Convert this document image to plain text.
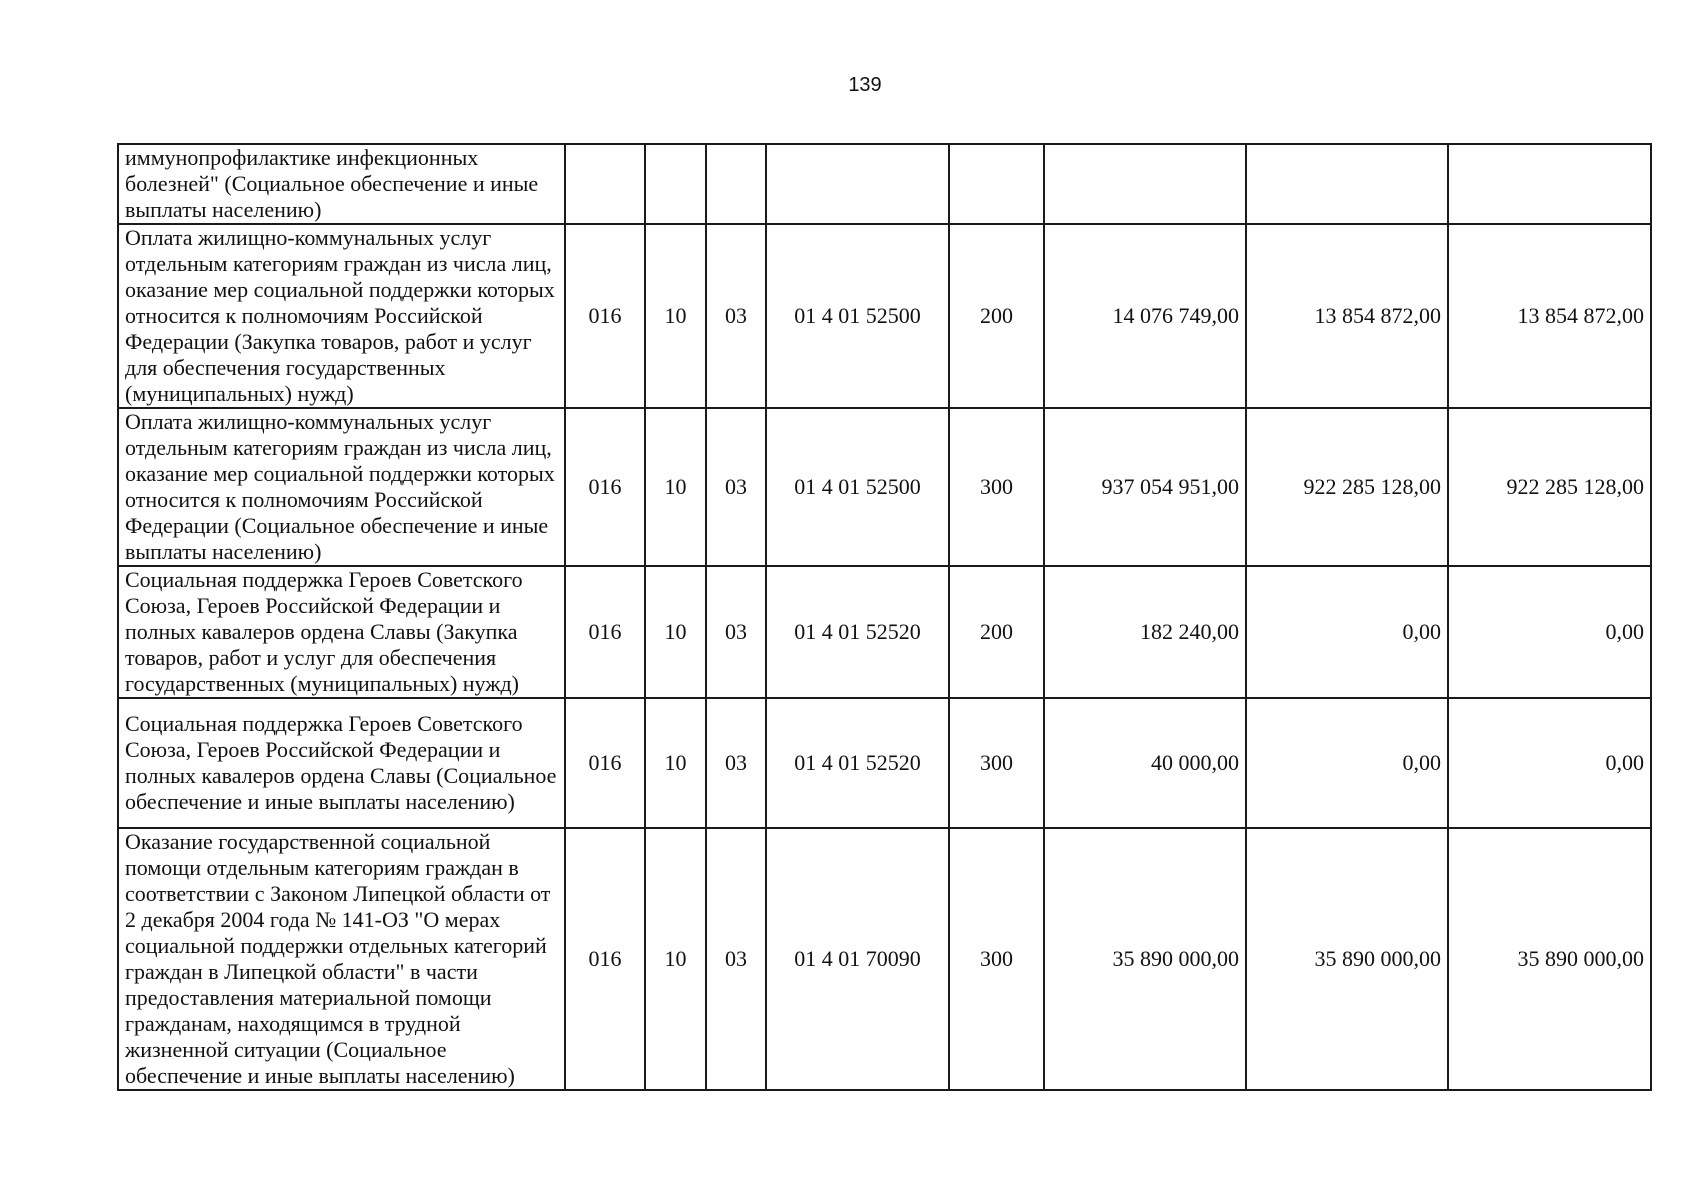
139
иммунопрофилактике инфекционных болезней" (Социальное обеспечение и иные выплаты населению)								
Оплата жилищно-коммунальных услуг отдельным категориям граждан из числа лиц, оказание мер социальной поддержки которых относится к полномочиям Российской Федерации (Закупка товаров, работ и услуг для обеспечения государственных (муниципальных) нужд)	016	10	03	01 4 01 52500	200	14 076 749,00	13 854 872,00	13 854 872,00
Оплата жилищно-коммунальных услуг отдельным категориям граждан из числа лиц, оказание мер социальной поддержки которых относится к полномочиям Российской Федерации (Социальное обеспечение и иные выплаты населению)	016	10	03	01 4 01 52500	300	937 054 951,00	922 285 128,00	922 285 128,00
Социальная поддержка Героев Советского Союза, Героев Российской Федерации и полных кавалеров ордена Славы (Закупка товаров, работ и услуг для обеспечения государственных (муниципальных) нужд)	016	10	03	01 4 01 52520	200	182 240,00	0,00	0,00
Социальная поддержка Героев Советского Союза, Героев Российской Федерации и полных кавалеров ордена Славы (Социальное обеспечение и иные выплаты населению)	016	10	03	01 4 01 52520	300	40 000,00	0,00	0,00
Оказание государственной социальной помощи отдельным категориям граждан в соответствии с Законом Липецкой области от 2 декабря 2004 года № 141-ОЗ "О мерах социальной поддержки отдельных категорий граждан в Липецкой области" в части предоставления материальной помощи гражданам, находящимся в трудной жизненной ситуации (Социальное обеспечение и иные выплаты населению)	016	10	03	01 4 01 70090	300	35 890 000,00	35 890 000,00	35 890 000,00
